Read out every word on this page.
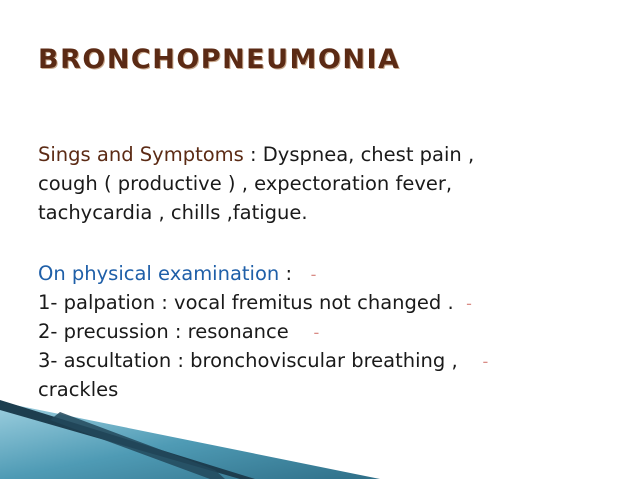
BRONCHOPNEUMONIA
Sings and Symptoms : Dyspnea, chest pain ,
cough ( productive ) , expectoration fever,
tachycardia , chills ,fatigue.
On physical examination : -
1- palpation : vocal fremitus not changed . -
2- precussion : resonance -
3- ascultation : bronchoviscular breathing , -
crackles
